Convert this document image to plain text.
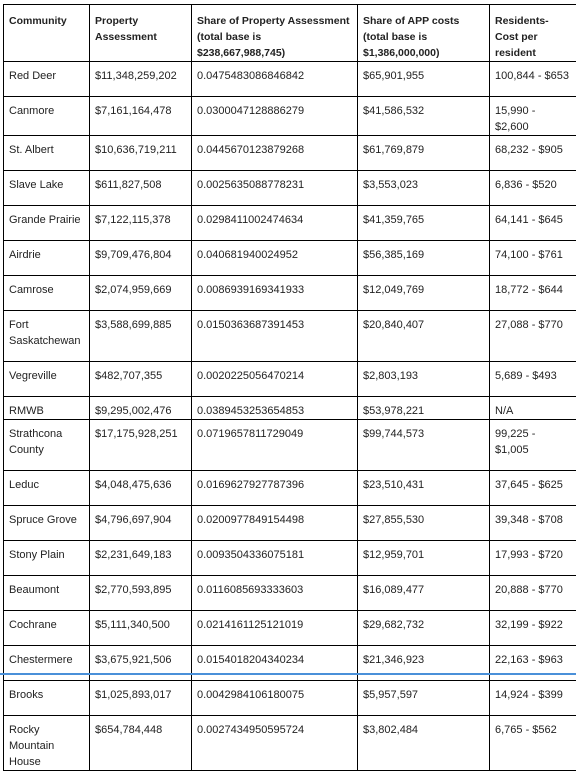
Community	Property Assessment	Share of Property Assessment (total base is $238,667,988,745)	Share of APP costs (total base is $1,386,000,000)	Residents- Cost per resident
Red Deer	$11,348,259,202	0.0475483086846842	$65,901,955	100,844 - $653
Canmore	$7,161,164,478	0.0300047128886279	$41,586,532	15,990 - $2,600
St. Albert	$10,636,719,211	0.0445670123879268	$61,769,879	68,232 - $905
Slave Lake	$611,827,508	0.0025635088778231	$3,553,023	6,836 - $520
Grande Prairie	$7,122,115,378	0.0298411002474634	$41,359,765	64,141 - $645
Airdrie	$9,709,476,804	0.040681940024952	$56,385,169	74,100 - $761
Camrose	$2,074,959,669	0.0086939169341933	$12,049,769	18,772 - $644
Fort Saskatchewan	$3,588,699,885	0.0150363687391453	$20,840,407	27,088 - $770
Vegreville	$482,707,355	0.0020225056470214	$2,803,193	5,689 - $493
RMWB	$9,295,002,476	0.0389453253654853	$53,978,221	N/A
Strathcona County	$17,175,928,251	0.0719657811729049	$99,744,573	99,225 - $1,005
Leduc	$4,048,475,636	0.0169627927787396	$23,510,431	37,645 - $625
Spruce Grove	$4,796,697,904	0.0200977849154498	$27,855,530	39,348 - $708
Stony Plain	$2,231,649,183	0.0093504336075181	$12,959,701	17,993 - $720
Beaumont	$2,770,593,895	0.0116085693333603	$16,089,477	20,888 - $770
Cochrane	$5,111,340,500	0.0214161125121019	$29,682,732	32,199 - $922
Chestermere	$3,675,921,506	0.0154018204340234	$21,346,923	22,163 - $963
Brooks	$1,025,893,017	0.0042984106180075	$5,957,597	14,924 - $399
Rocky Mountain House	$654,784,448	0.0027434950595724	$3,802,484	6,765 - $562
